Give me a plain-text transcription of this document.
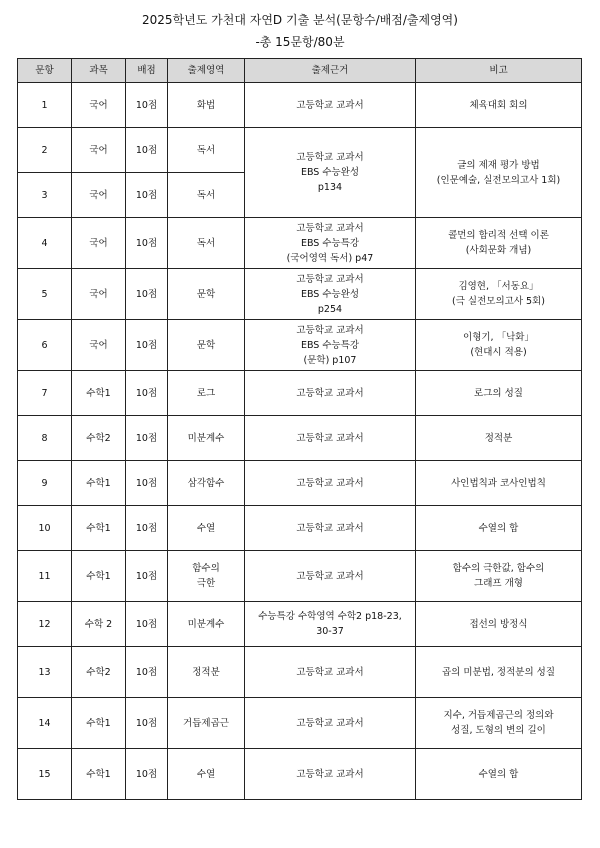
2025학년도 가천대 자연D 기출 분석(문항수/배점/출제영역)
-총 15문항/80분
문항	과목	배점	출제영역	출제근거	비고
1	국어	10점	화법	고등학교 교과서	체육대회 회의
2	국어	10점	독서	고등학교 교과서
EBS 수능완성
p134	글의 제재 평가 방법
(인문예술, 실전모의고사 1회)
3	국어	10점	독서		
4	국어	10점	독서	고등학교 교과서
EBS 수능특강
(국어영역 독서) p47	콜먼의 합리적 선택 이론
(사회문화 개념)
5	국어	10점	문학	고등학교 교과서
EBS 수능완성
p254	김영현, 「서동요」
(극 실전모의고사 5회)
6	국어	10점	문학	고등학교 교과서
EBS 수능특강
(문학) p107	이형기, 「낙화」
(현대시 적용)
7	수학1	10점	로그	고등학교 교과서	로그의 성질
8	수학2	10점	미분계수	고등학교 교과서	정적분
9	수학1	10점	삼각함수	고등학교 교과서	사인법칙과 코사인법칙
10	수학1	10점	수열	고등학교 교과서	수열의 합
11	수학1	10점	함수의
극한	고등학교 교과서	함수의 극한값, 함수의
그래프 개형
12	수학 2	10점	미분계수	수능특강 수학영역 수학2 p18-23,
30-37	접선의 방정식
13	수학2	10점	정적분	고등학교 교과서	곱의 미분법, 정적분의 성질
14	수학1	10점	거듭제곱근	고등학교 교과서	지수, 거듭제곱근의 정의와
성질, 도형의 변의 길이
15	수학1	10점	수열	고등학교 교과서	수열의 합
